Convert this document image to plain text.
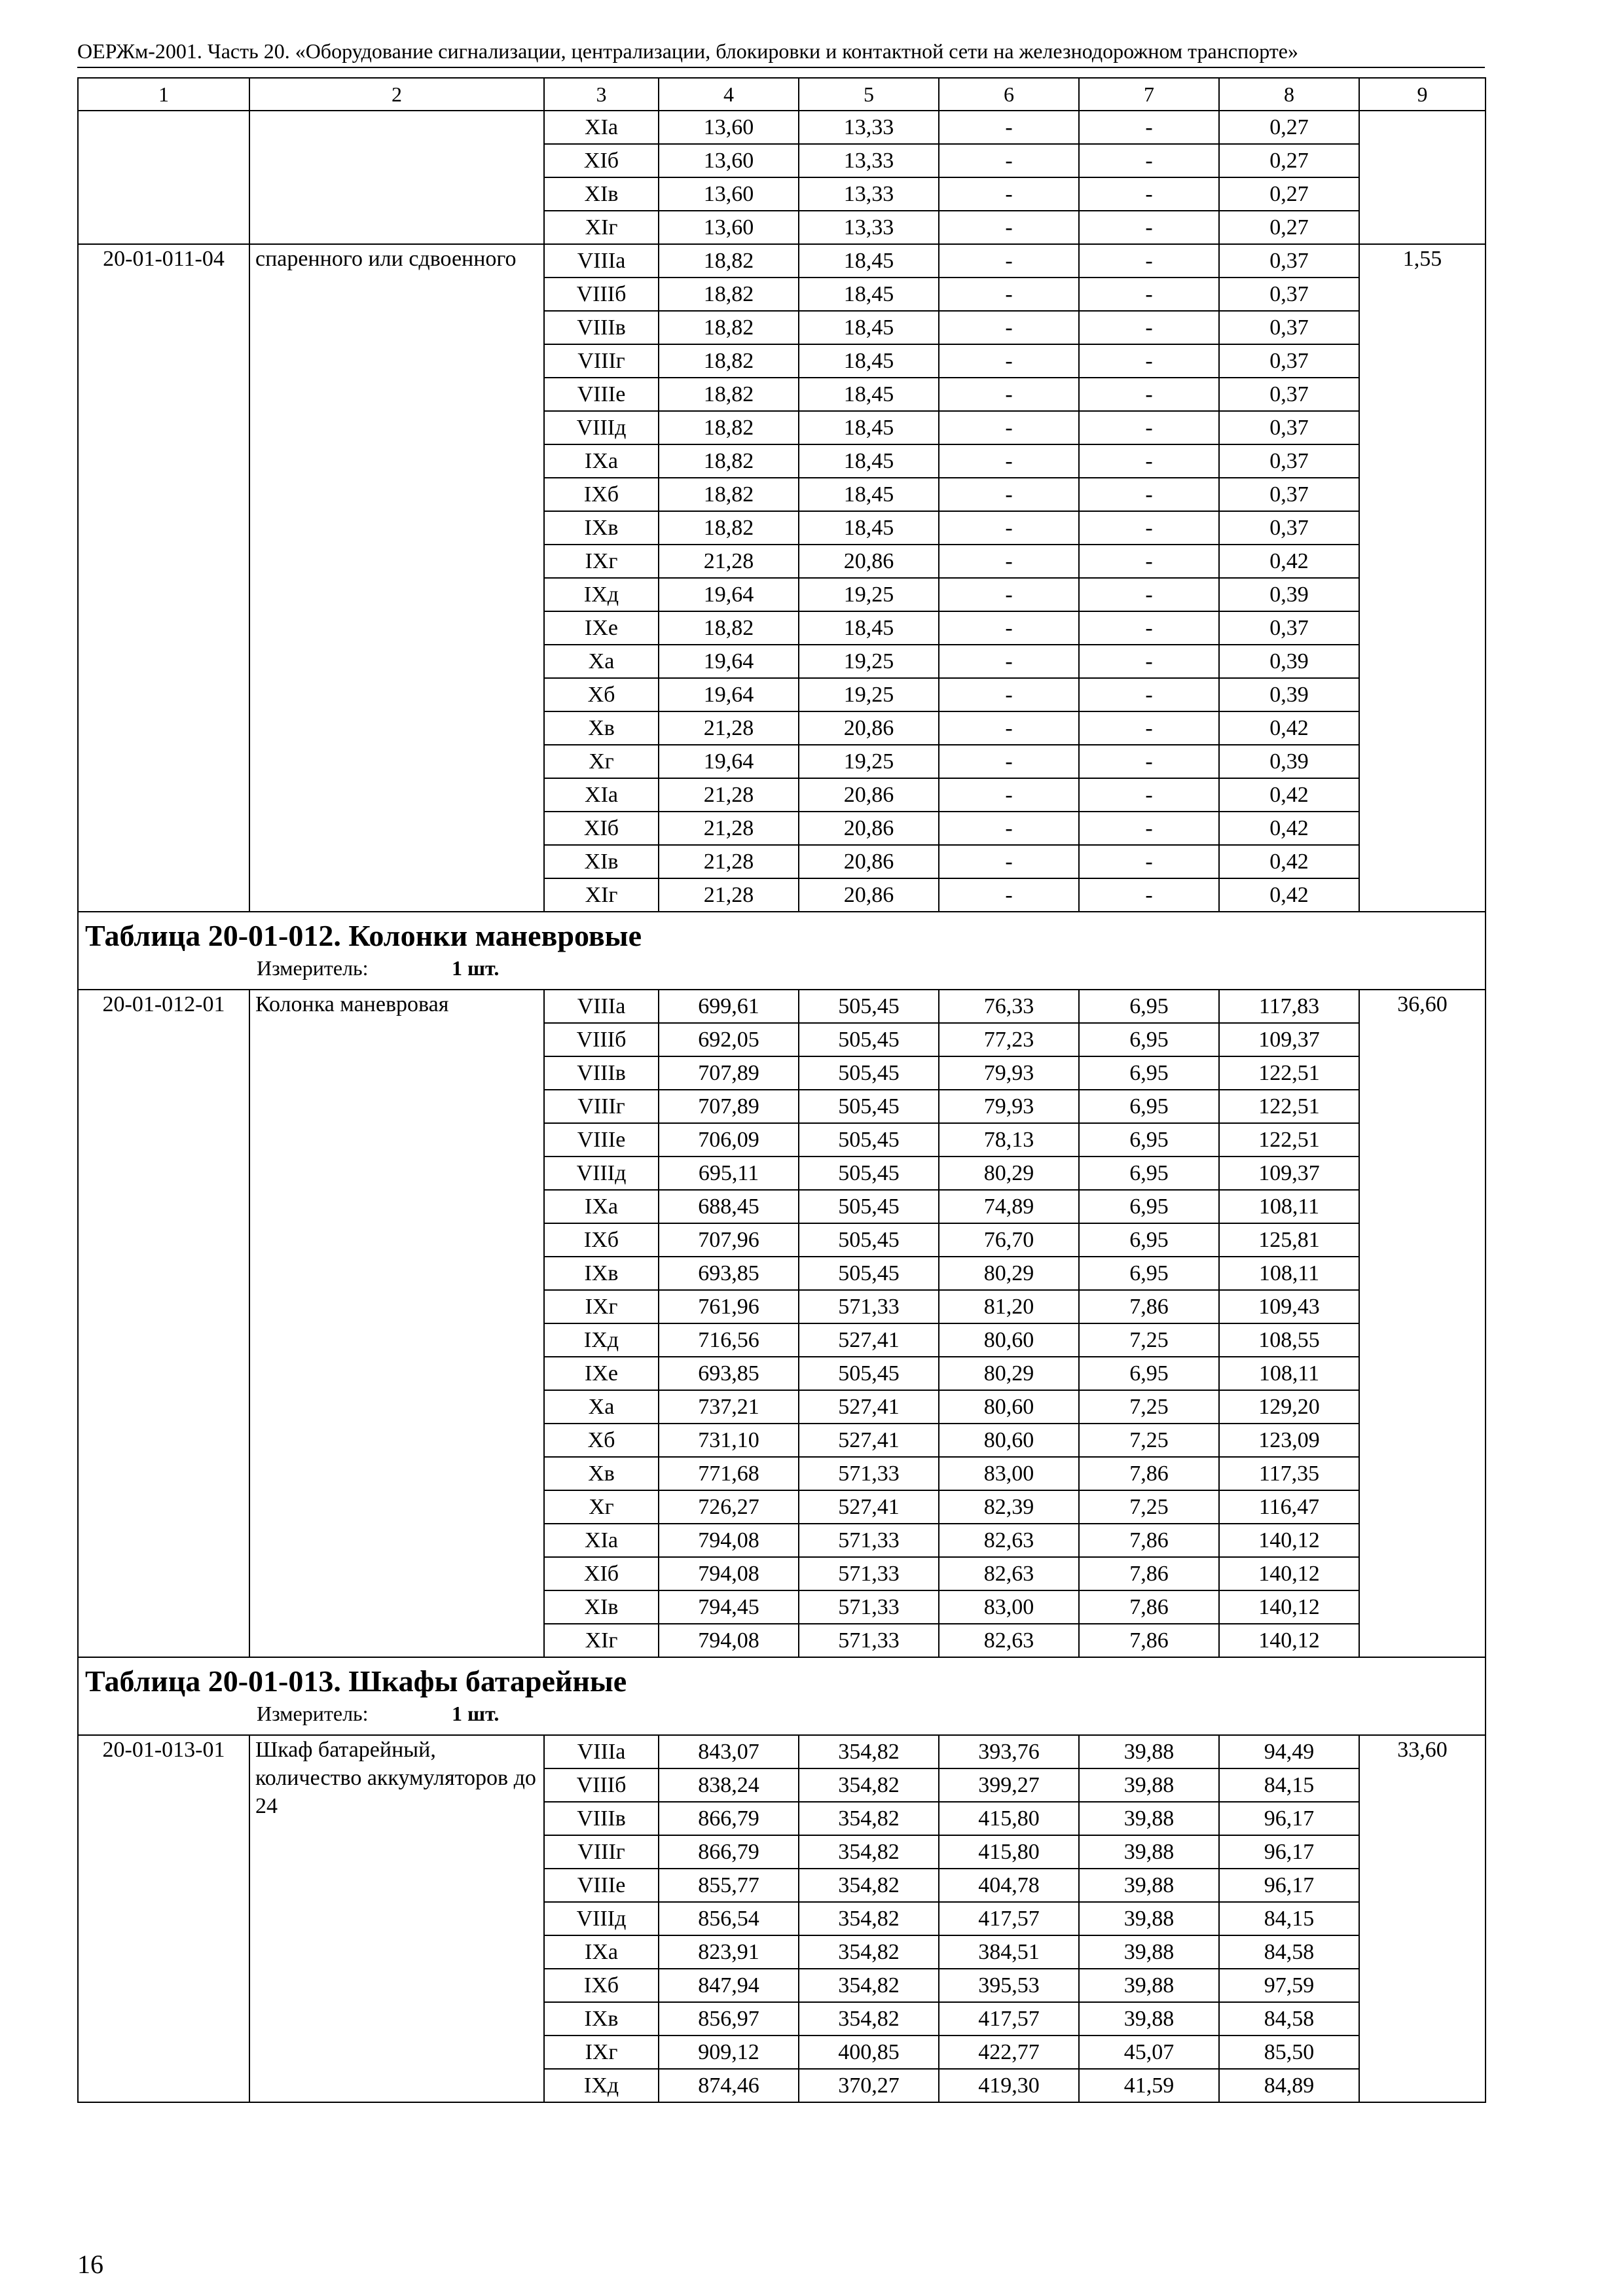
ОЕРЖм-2001. Часть 20. «Оборудование сигнализации, централизации, блокировки и контактной сети на железнодорожном транспорте»
1	2	3	4	5	6	7	8	9
		XIа	13,60	13,33	-	-	0,27	
		XIб	13,60	13,33	-	-	0,27	
		XIв	13,60	13,33	-	-	0,27	
		XIг	13,60	13,33	-	-	0,27	
20-01-011-04	спаренного или сдвоенного	VIIIа	18,82	18,45	-	-	0,37	1,55
		VIIIб	18,82	18,45	-	-	0,37	
		VIIIв	18,82	18,45	-	-	0,37	
		VIIIг	18,82	18,45	-	-	0,37	
		VIIIе	18,82	18,45	-	-	0,37	
		VIIIд	18,82	18,45	-	-	0,37	
		IXа	18,82	18,45	-	-	0,37	
		IXб	18,82	18,45	-	-	0,37	
		IXв	18,82	18,45	-	-	0,37	
		IXг	21,28	20,86	-	-	0,42	
		IXд	19,64	19,25	-	-	0,39	
		IXе	18,82	18,45	-	-	0,37	
		Xа	19,64	19,25	-	-	0,39	
		Xб	19,64	19,25	-	-	0,39	
		Xв	21,28	20,86	-	-	0,42	
		Xг	19,64	19,25	-	-	0,39	
		XIа	21,28	20,86	-	-	0,42	
		XIб	21,28	20,86	-	-	0,42	
		XIв	21,28	20,86	-	-	0,42	
		XIг	21,28	20,86	-	-	0,42	

Таблица 20-01-012. Колонки маневровые
Измеритель: 1 шт.								

20-01-012-01	Колонка маневровая	VIIIа	699,61	505,45	76,33	6,95	117,83	36,60
		VIIIб	692,05	505,45	77,23	6,95	109,37	
		VIIIв	707,89	505,45	79,93	6,95	122,51	
		VIIIг	707,89	505,45	79,93	6,95	122,51	
		VIIIе	706,09	505,45	78,13	6,95	122,51	
		VIIIд	695,11	505,45	80,29	6,95	109,37	
		IXа	688,45	505,45	74,89	6,95	108,11	
		IXб	707,96	505,45	76,70	6,95	125,81	
		IXв	693,85	505,45	80,29	6,95	108,11	
		IXг	761,96	571,33	81,20	7,86	109,43	
		IXд	716,56	527,41	80,60	7,25	108,55	
		IXе	693,85	505,45	80,29	6,95	108,11	
		Xа	737,21	527,41	80,60	7,25	129,20	
		Xб	731,10	527,41	80,60	7,25	123,09	
		Xв	771,68	571,33	83,00	7,86	117,35	
		Xг	726,27	527,41	82,39	7,25	116,47	
		XIа	794,08	571,33	82,63	7,86	140,12	
		XIб	794,08	571,33	82,63	7,86	140,12	
		XIв	794,45	571,33	83,00	7,86	140,12	
		XIг	794,08	571,33	82,63	7,86	140,12	

Таблица 20-01-013. Шкафы батарейные
Измеритель: 1 шт.								

20-01-013-01	Шкаф батарейный, количество аккумуляторов до 24	VIIIа	843,07	354,82	393,76	39,88	94,49	33,60
		VIIIб	838,24	354,82	399,27	39,88	84,15	
		VIIIв	866,79	354,82	415,80	39,88	96,17	
		VIIIг	866,79	354,82	415,80	39,88	96,17	
		VIIIе	855,77	354,82	404,78	39,88	96,17	
		VIIIд	856,54	354,82	417,57	39,88	84,15	
		IXа	823,91	354,82	384,51	39,88	84,58	
		IXб	847,94	354,82	395,53	39,88	97,59	
		IXв	856,97	354,82	417,57	39,88	84,58	
		IXг	909,12	400,85	422,77	45,07	85,50	
		IXд	874,46	370,27	419,30	41,59	84,89	
16
